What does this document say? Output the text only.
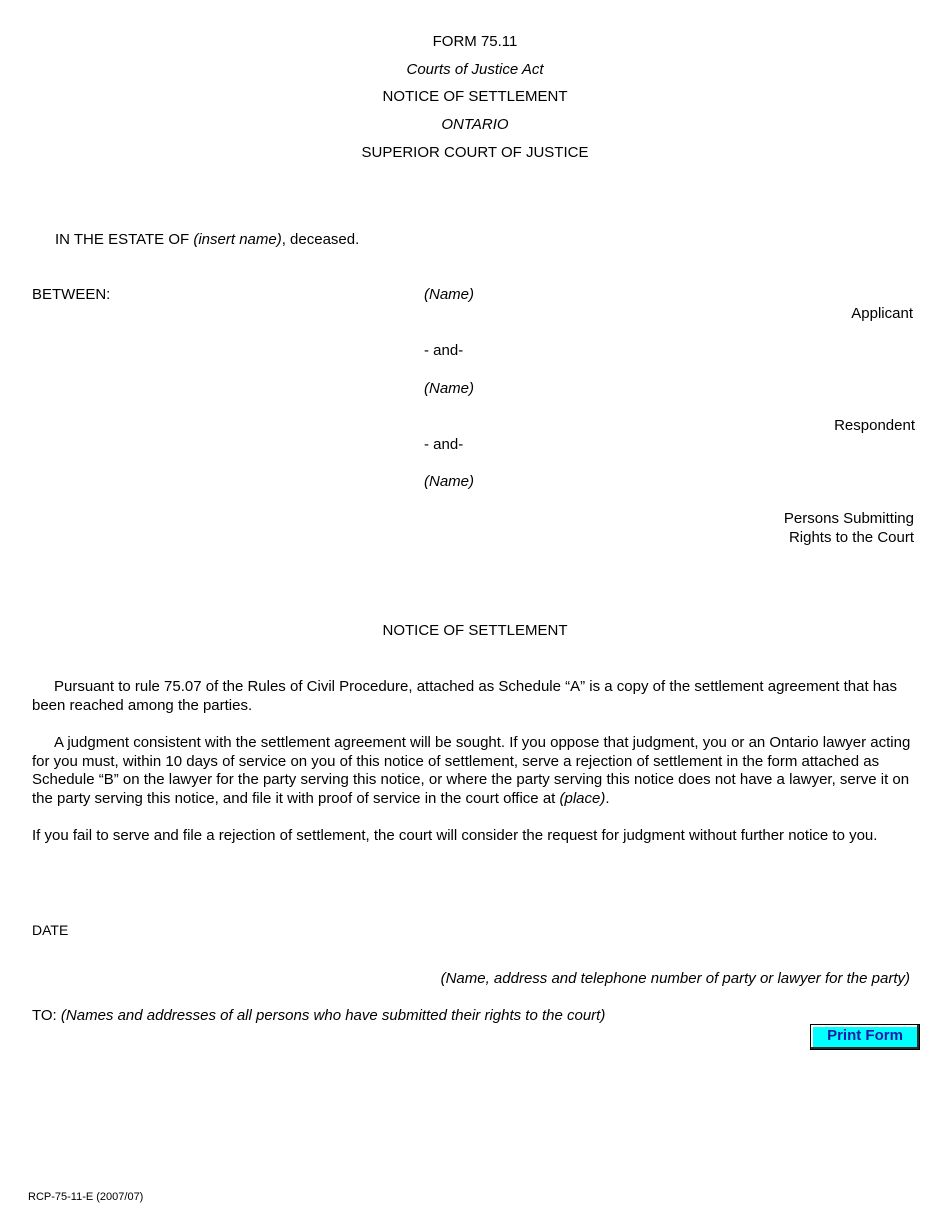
FORM 75.11
Courts of Justice Act
NOTICE OF SETTLEMENT
ONTARIO
SUPERIOR COURT OF JUSTICE
IN THE ESTATE OF (insert name), deceased.
BETWEEN:	(Name)
Applicant
- and-
(Name)
Respondent
- and-
(Name)
Persons Submitting
Rights to the Court
NOTICE OF SETTLEMENT
Pursuant to rule 75.07 of the Rules of Civil Procedure, attached as Schedule “A” is a copy of the settlement agreement that has been reached among the parties.
A judgment consistent with the settlement agreement will be sought. If you oppose that judgment, you or an Ontario lawyer acting for you must, within 10 days of service on you of this notice of settlement, serve a rejection of settlement in the form attached as Schedule “B” on the lawyer for the party serving this notice, or where the party serving this notice does not have a lawyer, serve it on the party serving this notice, and file it with proof of service in the court office at (place).
If you fail to serve and file a rejection of settlement, the court will consider the request for judgment without further notice to you.
DATE
(Name, address and telephone number of party or lawyer for the party)
TO: (Names and addresses of all persons who have submitted their rights to the court)
Print Form
RCP-75-11-E (2007/07)
